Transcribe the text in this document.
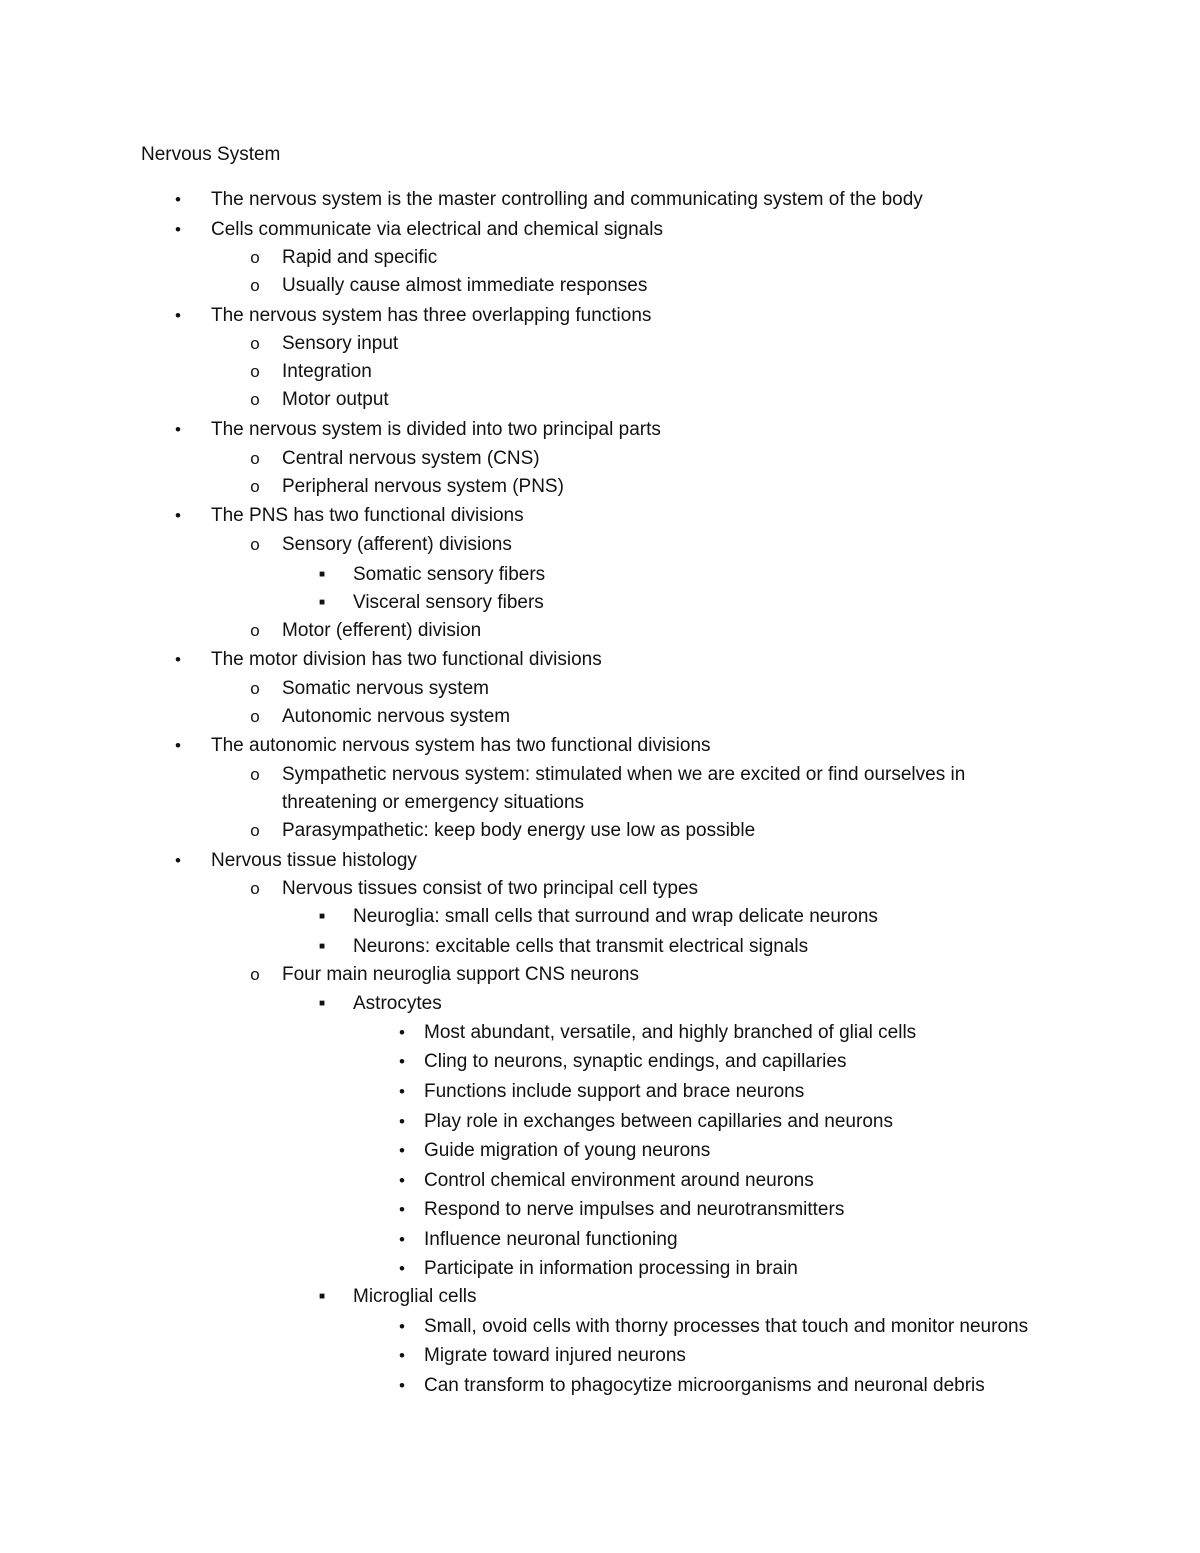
Nervous System
•	The nervous system is the master controlling and communicating system of the body
•	Cells communicate via electrical and chemical signals
o Rapid and specific
o Usually cause almost immediate responses
•	The nervous system has three overlapping functions
o Sensory input
o Integration
o Motor output
•	The nervous system is divided into two principal parts
o Central nervous system (CNS)
o Peripheral nervous system (PNS)
•	The PNS has two functional divisions
o Sensory (afferent) divisions
■	Somatic sensory fibers
■	Visceral sensory fibers
o Motor (efferent) division
•	The motor division has two functional divisions
o Somatic nervous system
o Autonomic nervous system
•	The autonomic nervous system has two functional divisions
o Sympathetic nervous system: stimulated when we are excited or find ourselves in
threatening or emergency situations
o Parasympathetic: keep body energy use low as possible
•	Nervous tissue histology
o Nervous tissues consist of two principal cell types
■	Neuroglia: small cells that surround and wrap delicate neurons
■	Neurons: excitable cells that transmit electrical signals
o Four main neuroglia support CNS neurons
■	Astrocytes
•	Most abundant, versatile, and highly branched of glial cells
•	Cling to neurons, synaptic endings, and capillaries
•	Functions include support and brace neurons
•	Play role in exchanges between capillaries and neurons
•	Guide migration of young neurons
•	Control chemical environment around neurons
•	Respond to nerve impulses and neurotransmitters
•	Influence neuronal functioning
•	Participate in information processing in brain
■	Microglial cells
•	Small, ovoid cells with thorny processes that touch and monitor neurons
•	Migrate toward injured neurons
•	Can transform to phagocytize microorganisms and neuronal debris
